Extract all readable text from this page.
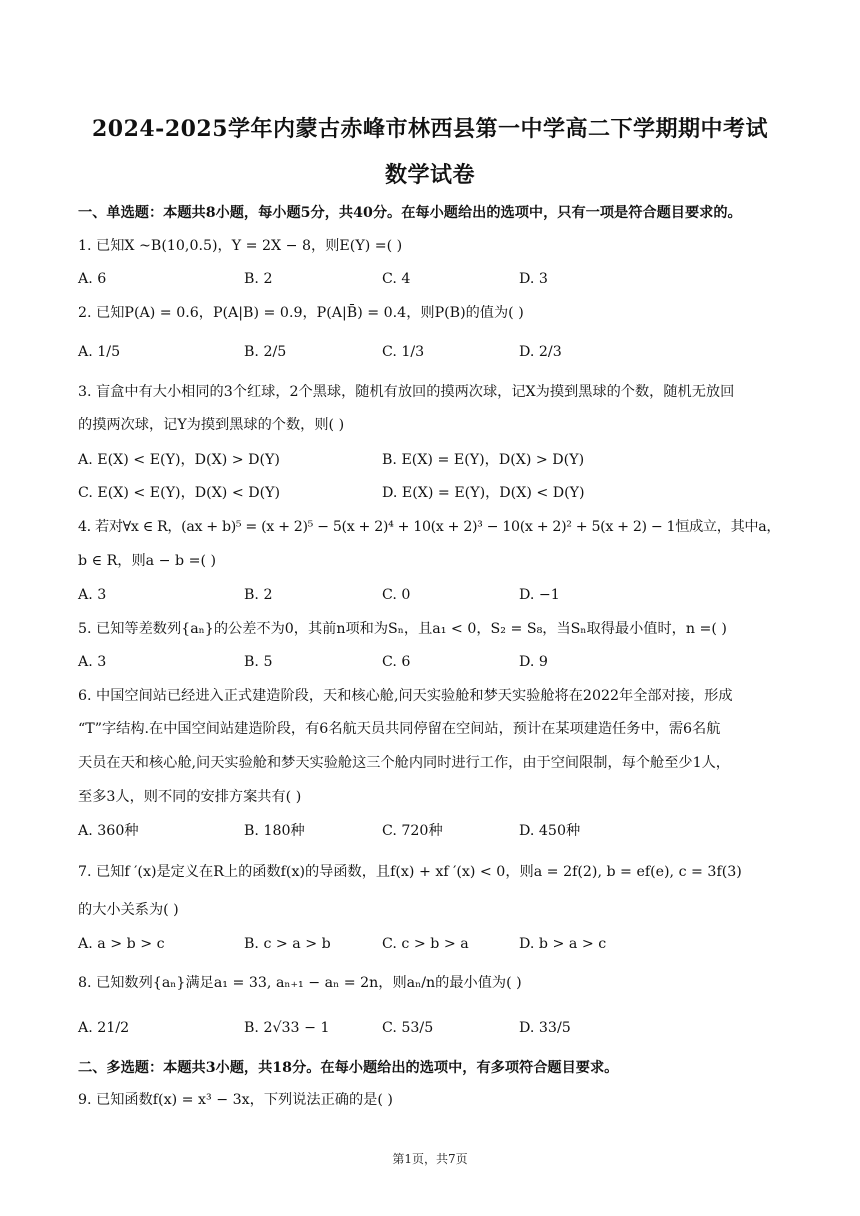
2024-2025学年内蒙古赤峰市林西县第一中学高二下学期期中考试
数学试卷
一、单选题：本题共8小题，每小题5分，共40分。在每小题给出的选项中，只有一项是符合题目要求的。
1. 已知X ~B(10,0.5)，Y = 2X − 8，则E(Y) =( )
A. 6	B. 2	C. 4	D. 3
2. 已知P(A) = 0.6，P(A|B) = 0.9，P(A|B̄) = 0.4，则P(B)的值为( )
A. 1/5	B. 2/5	C. 1/3	D. 2/3
3. 盲盒中有大小相同的3个红球，2个黑球，随机有放回的摸两次球，记X为摸到黑球的个数，随机无放回
的摸两次球，记Y为摸到黑球的个数，则( )
A. E(X) < E(Y)，D(X) > D(Y)	B. E(X) = E(Y)，D(X) > D(Y)
C. E(X) < E(Y)，D(X) < D(Y)	D. E(X) = E(Y)，D(X) < D(Y)
4. 若对∀x ∈ R，(ax + b)⁵ = (x + 2)⁵ − 5(x + 2)⁴ + 10(x + 2)³ − 10(x + 2)² + 5(x + 2) − 1恒成立，其中a，
b ∈ R，则a − b =( )
A. 3	B. 2	C. 0	D. −1
5. 已知等差数列{aₙ}的公差不为0，其前n项和为Sₙ，且a₁ < 0，S₂ = S₈，当Sₙ取得最小值时，n =( )
A. 3	B. 5	C. 6	D. 9
6. 中国空间站已经进入正式建造阶段，天和核心舱,问天实验舱和梦天实验舱将在2022年全部对接，形成
“T”字结构.在中国空间站建造阶段，有6名航天员共同停留在空间站，预计在某项建造任务中，需6名航
天员在天和核心舱,问天实验舱和梦天实验舱这三个舱内同时进行工作，由于空间限制，每个舱至少1人，
至多3人，则不同的安排方案共有( )
A. 360种	B. 180种	C. 720种	D. 450种
7. 已知f ′(x)是定义在R上的函数f(x)的导函数，且f(x) + xf ′(x) < 0，则a = 2f(2), b = ef(e), c = 3f(3)
的大小关系为( )
A. a > b > c	B. c > a > b	C. c > b > a	D. b > a > c
8. 已知数列{aₙ}满足a₁ = 33, aₙ₊₁ − aₙ = 2n，则aₙ/n的最小值为( )
A. 21/2	B. 2√33 − 1	C. 53/5	D. 33/5
二、多选题：本题共3小题，共18分。在每小题给出的选项中，有多项符合题目要求。
9. 已知函数f(x) = x³ − 3x，下列说法正确的是( )
第1页，共7页
